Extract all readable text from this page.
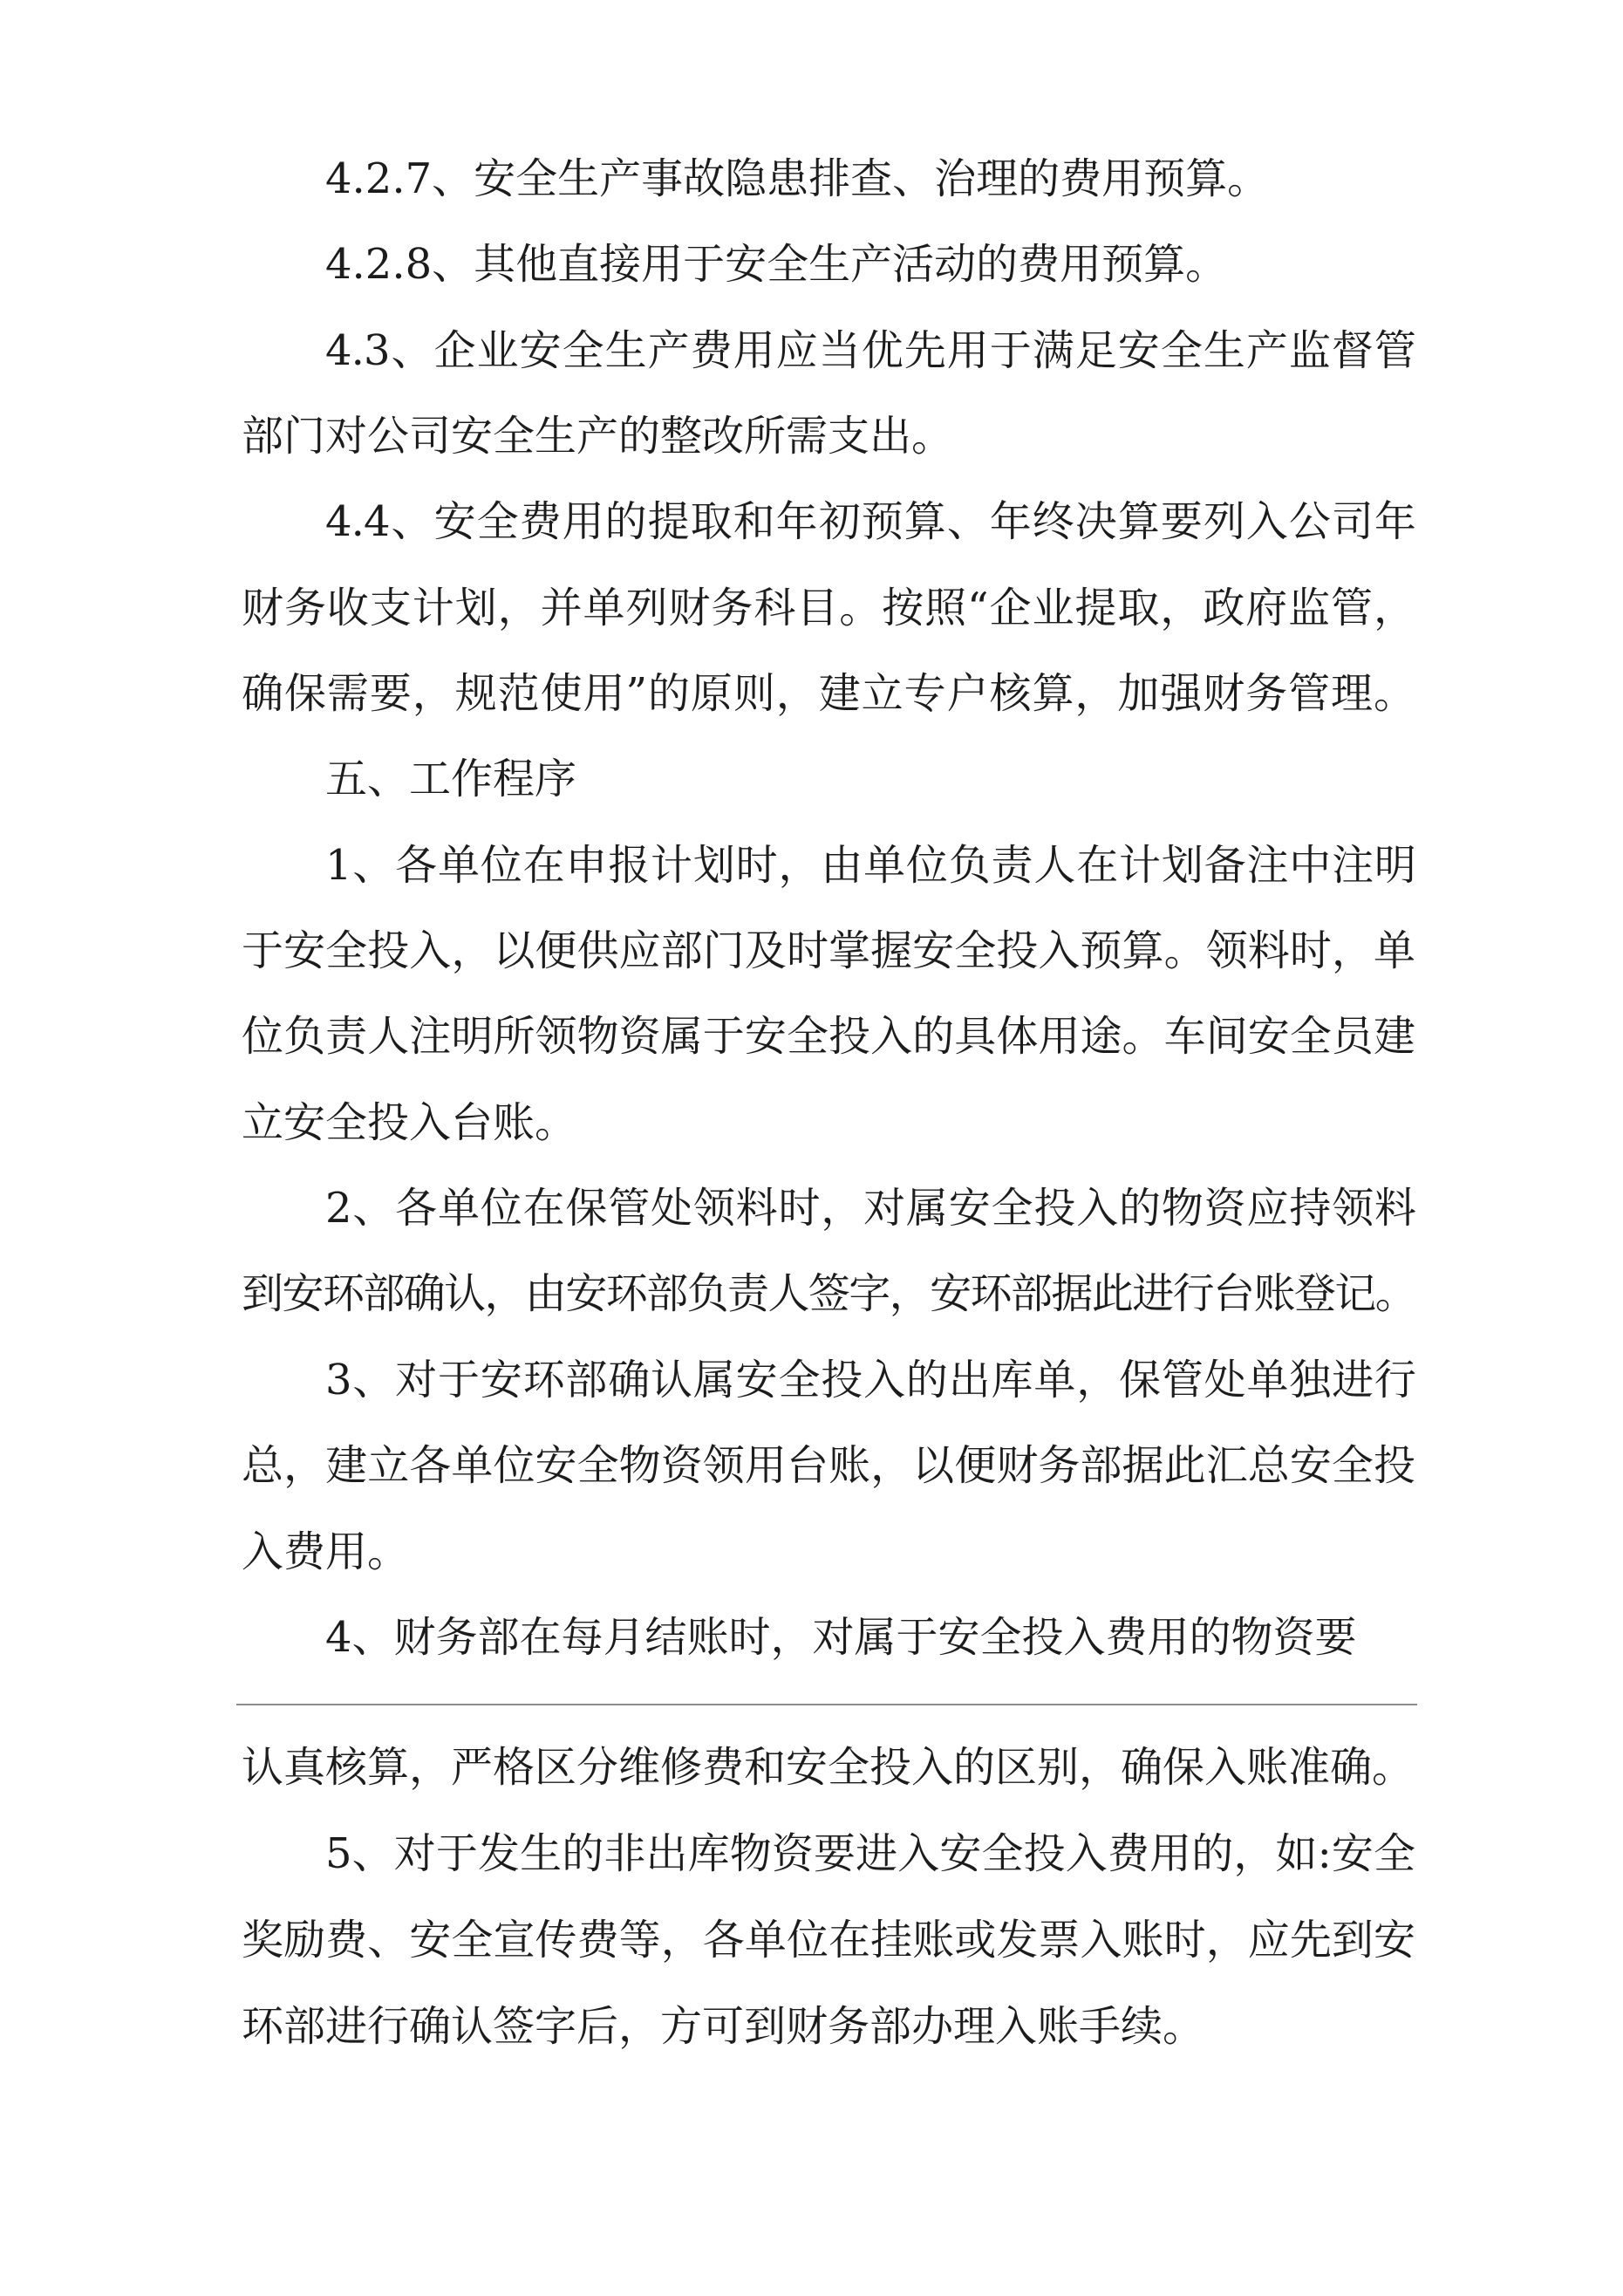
4.2.7、安全生产事故隐患排查、治理的费用预算。
4.2.8、其他直接用于安全生产活动的费用预算。
4.3、企业安全生产费用应当优先用于满足安全生产监督管
部门对公司安全生产的整改所需支出。
4.4、安全费用的提取和年初预算、年终决算要列入公司年
财务收支计划，并单列财务科目。按照“企业提取，政府监管，
确保需要，规范使用”的原则，建立专户核算，加强财务管理。
五、工作程序
1、各单位在申报计划时，由单位负责人在计划备注中注明
于安全投入，以便供应部门及时掌握安全投入预算。领料时，单
位负责人注明所领物资属于安全投入的具体用途。车间安全员建
立安全投入台账。
2、各单位在保管处领料时，对属安全投入的物资应持领料
到安环部确认，由安环部负责人签字，安环部据此进行台账登记。
3、对于安环部确认属安全投入的出库单，保管处单独进行
总，建立各单位安全物资领用台账，以便财务部据此汇总安全投
入费用。
4、财务部在每月结账时，对属于安全投入费用的物资要
认真核算，严格区分维修费和安全投入的区别，确保入账准确。
5、对于发生的非出库物资要进入安全投入费用的，如:安全
奖励费、安全宣传费等，各单位在挂账或发票入账时，应先到安
环部进行确认签字后，方可到财务部办理入账手续。
